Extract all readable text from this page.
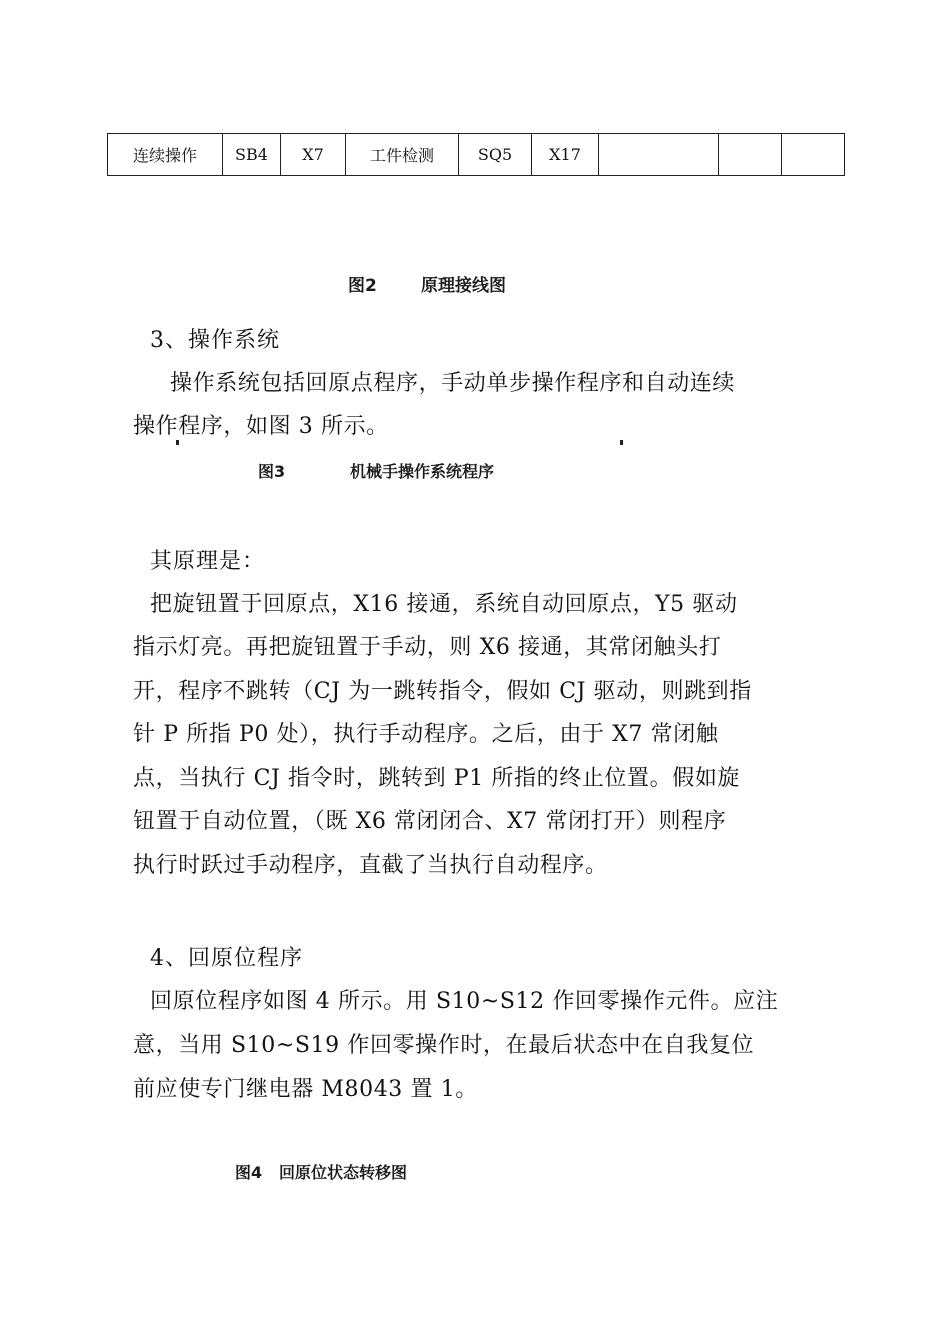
连续操作	SB4	X7	工件检测	SQ5	X17			
图2	原理接线图
3、操作系统
操作系统包括回原点程序，手动单步操作程序和自动连续
操作程序，如图 3 所示。
图3	机械手操作系统程序
其原理是：
把旋钮置于回原点，X16 接通，系统自动回原点，Y5 驱动
指示灯亮。再把旋钮置于手动，则 X6 接通，其常闭触头打
开，程序不跳转（CJ 为一跳转指令，假如 CJ 驱动，则跳到指
针 P 所指 P0 处），执行手动程序。之后，由于 X7 常闭触
点，当执行 CJ 指令时，跳转到 P1 所指的终止位置。假如旋
钮置于自动位置，（既 X6 常闭闭合、X7 常闭打开）则程序
执行时跃过手动程序，直截了当执行自动程序。
4、回原位程序
回原位程序如图 4 所示。用 S10~S12 作回零操作元件。应注
意，当用 S10~S19 作回零操作时，在最后状态中在自我复位
前应使专门继电器 M8043 置 1。
图4 回原位状态转移图
